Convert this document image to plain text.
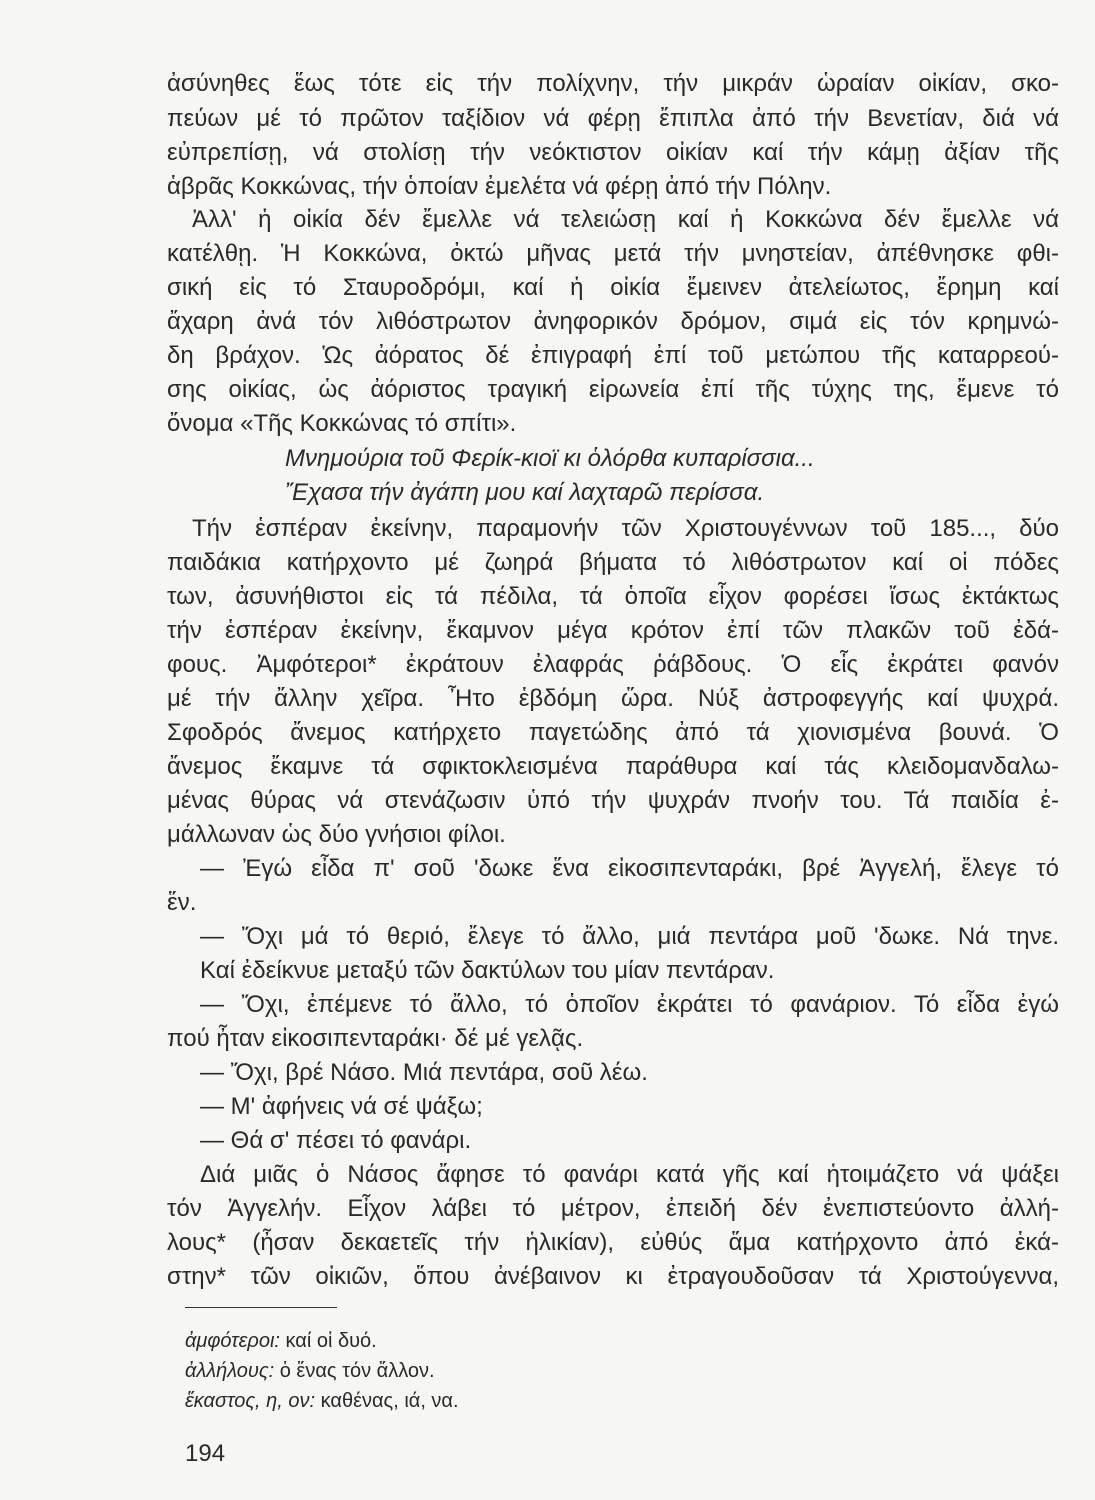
ἀσύνηθες ἕως τότε εἰς τήν πολίχνην, τήν μικράν ὡραίαν οἰκίαν, σκο-
πεύων μέ τό πρῶτον ταξίδιον νά φέρῃ ἔπιπλα ἀπό τήν Βενετίαν, διά νά
εὐπρεπίσῃ, νά στολίσῃ τήν νεόκτιστον οἰκίαν καί τήν κάμῃ ἀξίαν τῆς
ἁβρᾶς Κοκκώνας, τήν ὁποίαν ἐμελέτα νά φέρῃ ἀπό τήν Πόλην.
Ἀλλ' ἡ οἰκία δέν ἔμελλε νά τελειώσῃ καί ἡ Κοκκώνα δέν ἔμελλε νά
κατέλθῃ. Ἡ Κοκκώνα, ὀκτώ μῆνας μετά τήν μνηστείαν, ἀπέθνησκε φθι-
σική εἰς τό Σταυροδρόμι, καί ἡ οἰκία ἔμεινεν ἀτελείωτος, ἔρημη καί
ἄχαρη ἀνά τόν λιθόστρωτον ἀνηφορικόν δρόμον, σιμά εἰς τόν κρημνώ-
δη βράχον. Ὡς ἀόρατος δέ ἐπιγραφή ἐπί τοῦ μετώπου τῆς καταρρεού-
σης οἰκίας, ὡς ἀόριστος τραγική εἰρωνεία ἐπί τῆς τύχης της, ἔμενε τό
ὄνομα «Τῆς Κοκκώνας τό σπίτι».
Μνημούρια τοῦ Φερίκ-κιοϊ κι ὁλόρθα κυπαρίσσια...
Ἔχασα τήν ἀγάπη μου καί λαχταρῶ περίσσα.
Τήν ἑσπέραν ἐκείνην, παραμονήν τῶν Χριστουγέννων τοῦ 185..., δύο
παιδάκια κατήρχοντο μέ ζωηρά βήματα τό λιθόστρωτον καί οἱ πόδες
των, ἀσυνήθιστοι εἰς τά πέδιλα, τά ὁποῖα εἶχον φορέσει ἴσως ἐκτάκτως
τήν ἑσπέραν ἐκείνην, ἔκαμνον μέγα κρότον ἐπί τῶν πλακῶν τοῦ ἐδά-
φους. Ἀμφότεροι* ἐκράτουν ἐλαφράς ῥάβδους. Ὁ εἷς ἐκράτει φανόν
μέ τήν ἄλλην χεῖρα. Ἦτο ἑβδόμη ὥρα. Νύξ ἀστροφεγγής καί ψυχρά.
Σφοδρός ἄνεμος κατήρχετο παγετώδης ἀπό τά χιονισμένα βουνά. Ὁ
ἄνεμος ἔκαμνε τά σφικτοκλεισμένα παράθυρα καί τάς κλειδομανδαλω-
μένας θύρας νά στενάζωσιν ὑπό τήν ψυχράν πνοήν του. Τά παιδία ἐ-
μάλλωναν ὡς δύο γνήσιοι φίλοι.
— Ἐγώ εἶδα π' σοῦ 'δωκε ἕνα εἰκοσιπενταράκι, βρέ Ἀγγελή, ἔλεγε τό
ἕν.
— Ὄχι μά τό θεριό, ἔλεγε τό ἄλλο, μιά πεντάρα μοῦ 'δωκε. Νά τηνε.
Καί ἐδείκνυε μεταξύ τῶν δακτύλων του μίαν πεντάραν.
— Ὄχι, ἐπέμενε τό ἄλλο, τό ὁποῖον ἐκράτει τό φανάριον. Τό εἶδα ἐγώ
πού ἦταν εἰκοσιπενταράκι· δέ μέ γελᾷς.
— Ὄχι, βρέ Νάσο. Μιά πεντάρα, σοῦ λέω.
— Μ' ἀφήνεις νά σέ ψάξω;
— Θά σ' πέσει τό φανάρι.
Διά μιᾶς ὁ Νάσος ἄφησε τό φανάρι κατά γῆς καί ἡτοιμάζετο νά ψάξει
τόν Ἀγγελήν. Εἶχον λάβει τό μέτρον, ἐπειδή δέν ἐνεπιστεύοντο ἀλλή-
λους* (ἦσαν δεκαετεῖς τήν ἡλικίαν), εὐθύς ἅμα κατήρχοντο ἀπό ἑκά-
στην* τῶν οἰκιῶν, ὅπου ἀνέβαινον κι ἐτραγουδοῦσαν τά Χριστούγεννα,
ἀμφότεροι: καί οἱ δυό.
ἀλλήλους: ὁ ἕνας τόν ἄλλον.
ἕκαστος, η, ον: καθένας, ιά, να.
194
